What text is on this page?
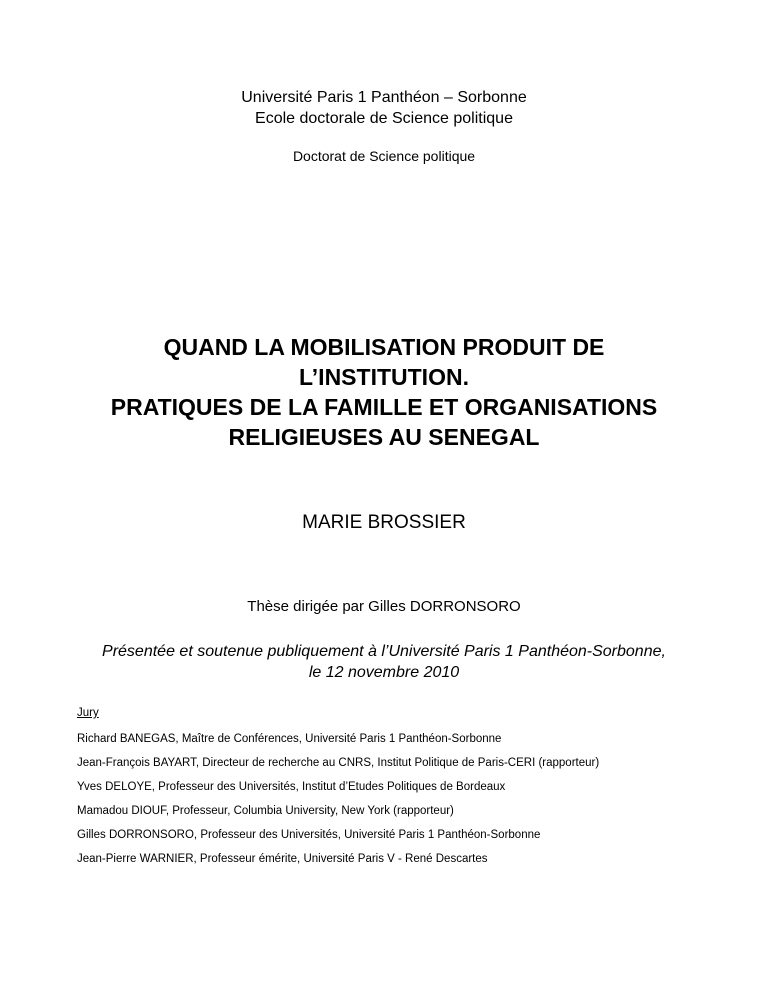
Université Paris 1 Panthéon – Sorbonne
Ecole doctorale de Science politique
Doctorat de Science politique
QUAND LA MOBILISATION PRODUIT DE
L’INSTITUTION.
PRATIQUES DE LA FAMILLE ET ORGANISATIONS
RELIGIEUSES AU SENEGAL
MARIE BROSSIER
Thèse dirigée par Gilles DORRONSORO
Présentée et soutenue publiquement à l’Université Paris 1 Panthéon-Sorbonne,
le 12 novembre 2010
Jury
Richard BANEGAS, Maître de Conférences, Université Paris 1 Panthéon-Sorbonne
Jean-François BAYART, Directeur de recherche au CNRS, Institut Politique de Paris-CERI (rapporteur)
Yves DELOYE, Professeur des Universités, Institut d’Etudes Politiques de Bordeaux
Mamadou DIOUF, Professeur, Columbia University, New York (rapporteur)
Gilles DORRONSORO, Professeur des Universités, Université Paris 1 Panthéon-Sorbonne
Jean-Pierre WARNIER, Professeur émérite, Université Paris V - René Descartes
